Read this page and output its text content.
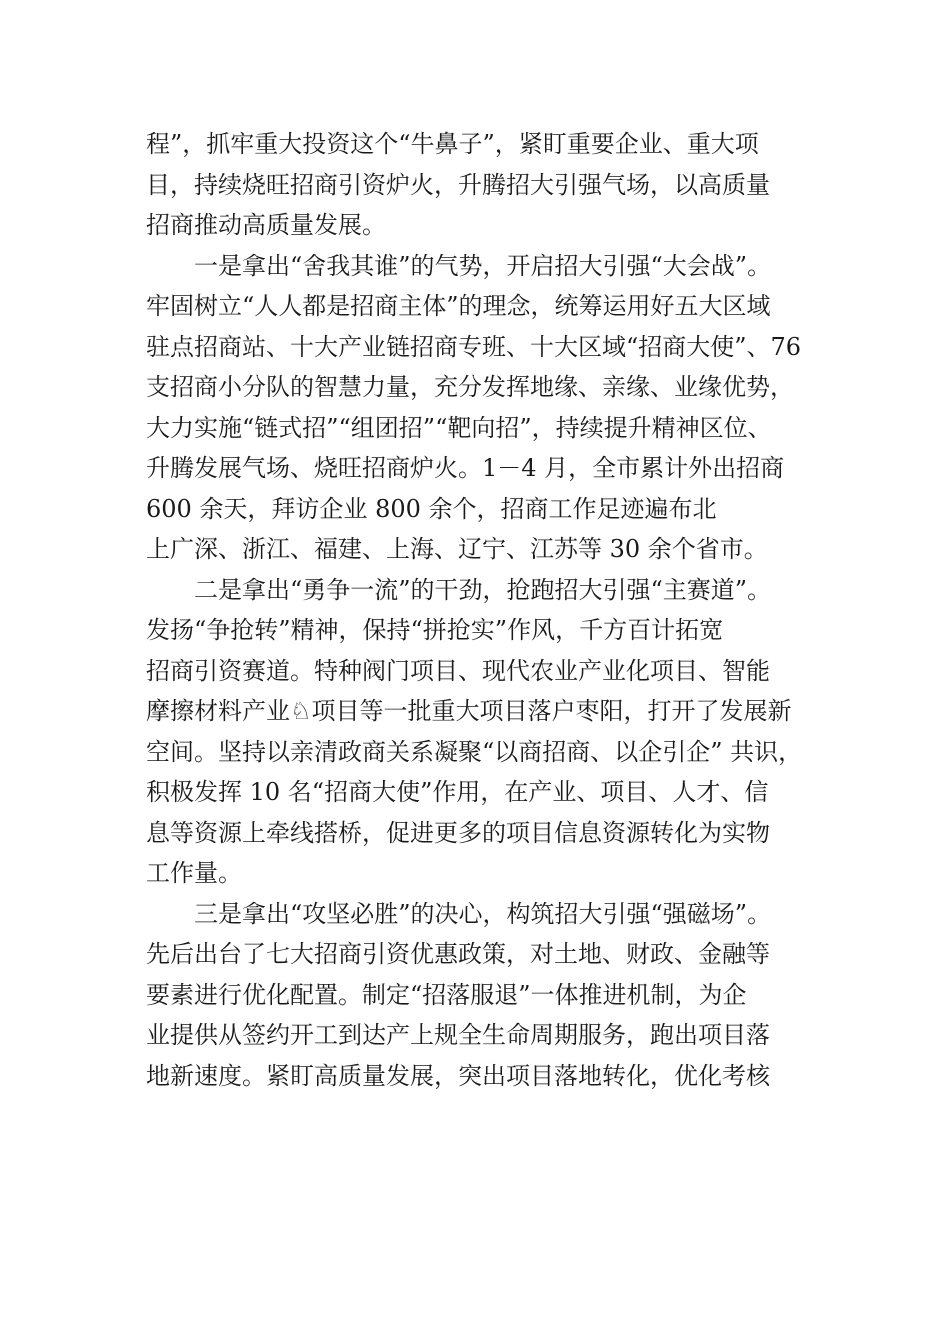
程”，抓牢重大投资这个“牛鼻子”，紧盯重要企业、重大项
目，持续烧旺招商引资炉火，升腾招大引强气场，以高质量
招商推动高质量发展。
一是拿出“舍我其谁”的气势，开启招大引强“大会战”。
牢固树立“人人都是招商主体”的理念，统筹运用好五大区域
驻点招商站、十大产业链招商专班、十大区域“招商大使”、76
支招商小分队的智慧力量，充分发挥地缘、亲缘、业缘优势，
大力实施“链式招”“组团招”“靶向招”，持续提升精神区位、
升腾发展气场、烧旺招商炉火。1－4 月，全市累计外出招商
600 余天，拜访企业 800 余个，招商工作足迹遍布北
上广深、浙江、福建、上海、辽宁、江苏等 30 余个省市。
二是拿出“勇争一流”的干劲，抢跑招大引强“主赛道”。
发扬“争抢转”精神，保持“拼抢实”作风，千方百计拓宽
招商引资赛道。特种阀门项目、现代农业产业化项目、智能
摩擦材料产业♘项目等一批重大项目落户枣阳，打开了发展新
空间。坚持以亲清政商关系凝聚“以商招商、以企引企” 共识，
积极发挥 10 名“招商大使”作用，在产业、项目、人才、信
息等资源上牵线搭桥，促进更多的项目信息资源转化为实物
工作量。
三是拿出“攻坚必胜”的决心，构筑招大引强“强磁场”。
先后出台了七大招商引资优惠政策，对土地、财政、金融等
要素进行优化配置。制定“招落服退”一体推进机制，为企
业提供从签约开工到达产上规全生命周期服务，跑出项目落
地新速度。紧盯高质量发展，突出项目落地转化，优化考核
